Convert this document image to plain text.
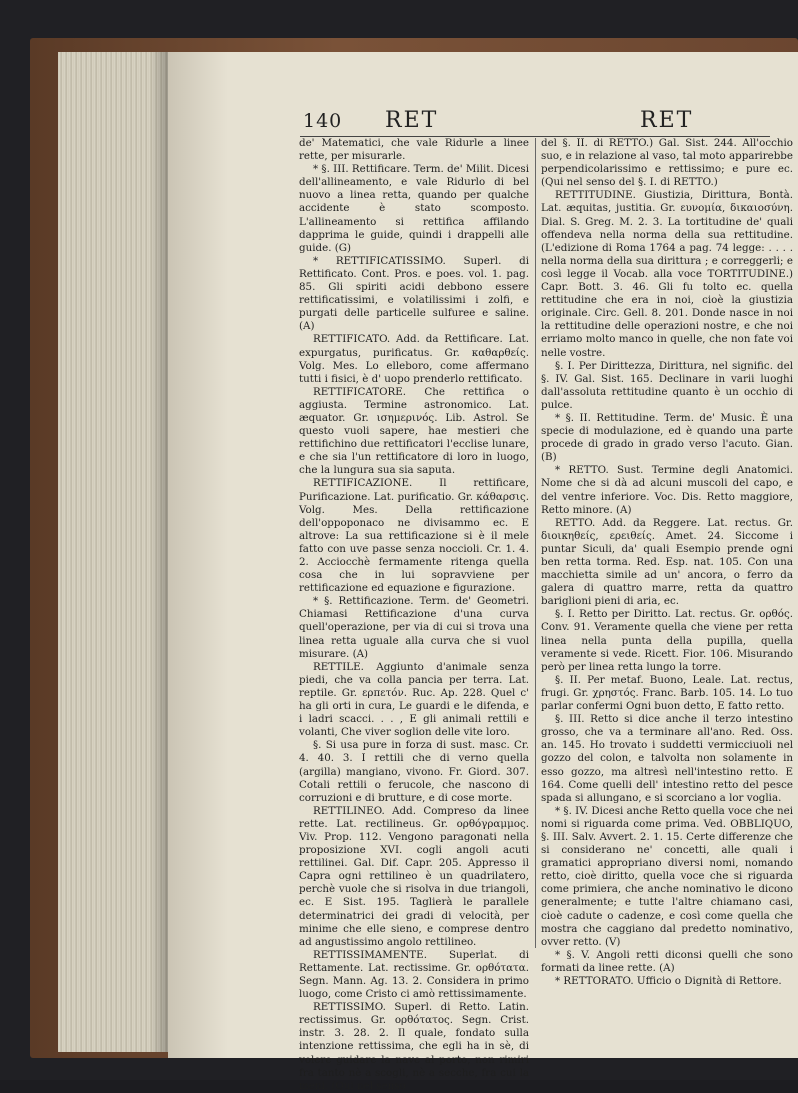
140 RET	RET

de' Matematici, che vale Ridurle a linee rette, per misurarle.

* §. III. Rettificare. Term. de' Milit. Dicesi dell'allineamento, e vale Ridurlo di bel nuovo a linea retta, quando per qualche accidente è stato scomposto. L'allineamento si rettifica affilando dapprima le guide, quindi i drappelli alle guide. (G)

* RETTIFICATISSIMO. Superl. di Rettificato. Cont. Pros. e poes. vol. 1. pag. 85. Gli spiriti acidi debbono essere rettificatissimi, e volatilissimi i zolfi, e purgati delle particelle sulfuree e saline. (A)

RETTIFICATO. Add. da Rettificare. Lat. expurgatus, purificatus. Gr. καθαρθείς. Volg. Mes. Lo elleboro, come affermano tutti i fisici, è d' uopo prenderlo rettificato.

RETTIFICATORE. Che rettifica o aggiusta. Termine astronomico. Lat. æquator. Gr. ισημερινός. Lib. Astrol. Se questo vuoli sapere, hae mestieri che rettifichino due rettificatori l'ecclise lunare, e che sia l'un rettificatore di loro in luogo, che la lungura sua sia saputa.

RETTIFICAZIONE. Il rettificare, Purificazione. Lat. purificatio. Gr. κάθαρσις. Volg. Mes. Della rettificazione dell'oppoponaco ne divisammo ec. E altrove: La sua rettificazione si è il mele fatto con uve passe senza noccioli. Cr. 1. 4. 2. Acciocchè fermamente ritenga quella cosa che in lui sopravviene per rettificazione ed equazione e figurazione.

* §. Rettificazione. Term. de' Geometri. Chiamasi Rettificazione d'una curva quell'operazione, per via di cui si trova una linea retta uguale alla curva che si vuol misurare. (A)

RETTILE. Aggiunto d'animale senza piedi, che va colla pancia per terra. Lat. reptile. Gr. ερπετόν. Ruc. Ap. 228. Quel c' ha gli orti in cura, Le guardi e le difenda, e i ladri scacci. . . , E gli animali rettili e volanti, Che viver soglion delle vite loro.

§. Si usa pure in forza di sust. masc. Cr. 4. 40. 3. I rettili che di verno quella (argilla) mangiano, vivono. Fr. Giord. 307. Cotali rettili o ferucole, che nascono di corruzioni e di brutture, e di cose morte.

RETTILINEO. Add. Compreso da linee rette. Lat. rectilineus. Gr. ορθόγραμμος. Viv. Prop. 112. Vengono paragonati nella proposizione XVI. cogli angoli acuti rettilinei. Gal. Dif. Capr. 205. Appresso il Capra ogni rettilineo è un quadrilatero, perchè vuole che si risolva in due triangoli, ec. E Sist. 195. Taglierà le parallele determinatrici dei gradi di velocità, per minime che elle sieno, e comprese dentro ad angustissimo angolo rettilineo.

RETTISSIMAMENTE. Superlat. di Rettamente. Lat. rectissime. Gr. ορθότατα. Segn. Mann. Ag. 13. 2. Considera in primo luogo, come Cristo ci amò rettissimamente.

RETTISSIMO. Superl. di Retto. Latin. rectissimus. Gr. ορθότατος. Segn. Crist. instr. 3. 28. 2. Il quale, fondato sulla intenzione rettissima, che egli ha in sè, di volere guidare la nave al porto, non rimiri fra tanto nè a scogli, nè a secche, fra cui la meni. (Qui nel senso

del §. II. di RETTO.) Gal. Sist. 244. All'occhio suo, e in relazione al vaso, tal moto apparirebbe perpendicolarissimo e rettissimo; e pure ec. (Qui nel senso del §. I. di RETTO.)

RETTITUDINE. Giustizia, Dirittura, Bontà. Lat. æquitas, justitia. Gr. ευνομία, δικαιοσύνη. Dial. S. Greg. M. 2. 3. La tortitudine de' quali offendeva nella norma della sua rettitudine. (L'edizione di Roma 1764 a pag. 74 legge: . . . . nella norma della sua dirittura ; e correggerli; e così legge il Vocab. alla voce TORTITUDINE.) Capr. Bott. 3. 46. Gli fu tolto ec. quella rettitudine che era in noi, cioè la giustizia originale. Circ. Gell. 8. 201. Donde nasce in noi la rettitudine delle operazioni nostre, e che noi erriamo molto manco in quelle, che non fate voi nelle vostre.

§. I. Per Dirittezza, Dirittura, nel signific. del §. IV. Gal. Sist. 165. Declinare in varii luoghi dall'assoluta rettitudine quanto è un occhio di pulce.

* §. II. Rettitudine. Term. de' Music. È una specie di modulazione, ed è quando una parte procede di grado in grado verso l'acuto. Gian. (B)

* RETTO. Sust. Termine degli Anatomici. Nome che si dà ad alcuni muscoli del capo, e del ventre inferiore. Voc. Dis. Retto maggiore, Retto minore. (A)

RETTO. Add. da Reggere. Lat. rectus. Gr. διοικηθείς, ερειθείς. Amet. 24. Siccome i puntar Siculi, da' quali Esempio prende ogni ben retta torma. Red. Esp. nat. 105. Con una macchietta simile ad un' ancora, o ferro da galera di quattro marre, retta da quattro bariglioni pieni di aria, ec.

§. I. Retto per Diritto. Lat. rectus. Gr. ορθός. Conv. 91. Veramente quella che viene per retta linea nella punta della pupilla, quella veramente si vede. Ricett. Fior. 106. Misurando però per linea retta lungo la torre.

§. II. Per metaf. Buono, Leale. Lat. rectus, frugi. Gr. χρηστός. Franc. Barb. 105. 14. Lo tuo parlar confermi Ogni buon detto, E fatto retto.

§. III. Retto si dice anche il terzo intestino grosso, che va a terminare all'ano. Red. Oss. an. 145. Ho trovato i suddetti vermicciuoli nel gozzo del colon, e talvolta non solamente in esso gozzo, ma altresì nell'intestino retto. E 164. Come quelli dell' intestino retto del pesce spada si allungano, e si scorciano a lor voglia.

* §. IV. Dicesi anche Retto quella voce che nei nomi si riguarda come prima. Ved. OBBLIQUO, §. III. Salv. Avvert. 2. 1. 15. Certe differenze che si considerano ne' concetti, alle quali i gramatici appropriano diversi nomi, nomando retto, cioè diritto, quella voce che si riguarda come primiera, che anche nominativo le dicono generalmente; e tutte l'altre chiamano casi, cioè cadute o cadenze, e così come quella che mostra che caggiano dal predetto nominativo, ovver retto. (V)

* §. V. Angoli retti diconsi quelli che sono formati da linee rette. (A)

* RETTORATO. Ufficio o Dignità di Rettore.
